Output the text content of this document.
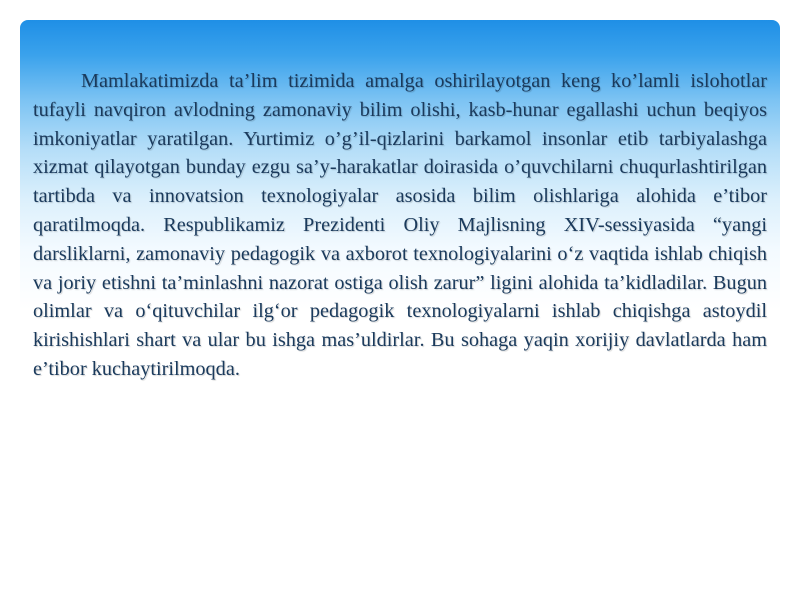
Mamlakatimizda ta’lim tizimida amalga oshirilayotgan keng ko’lamli islohotlar tufayli navqiron avlodning zamonaviy bilim olishi, kasb-hunar egallashi uchun beqiyos imkoniyatlar yaratilgan. Yurtimiz o’g’il-qizlarini barkamol insonlar etib tarbiyalashga xizmat qilayotgan bunday ezgu sa’y-harakatlar doirasida o’quvchilarni chuqurlashtirilgan tartibda va innovatsion texnologiyalar asosida bilim olishlariga alohida e’tibor qaratilmoqda. Respublikamiz Prezidenti Oliy Majlisning XIV-sessiyasida “yangi darsliklarni, zamonaviy pedagogik va axborot texnologiyalarini o‘z vaqtida ishlab chiqish va joriy etishni ta’minlashni nazorat ostiga olish zarur” ligini alohida ta’kidladilar. Bugun olimlar va o‘qituvchilar ilg‘or pedagogik texnologiyalarni ishlab chiqishga astoydil kirishishlari shart va ular bu ishga mas’uldirlar. Bu sohaga yaqin xorijiy davlatlarda ham e’tibor kuchaytirilmoqda.
